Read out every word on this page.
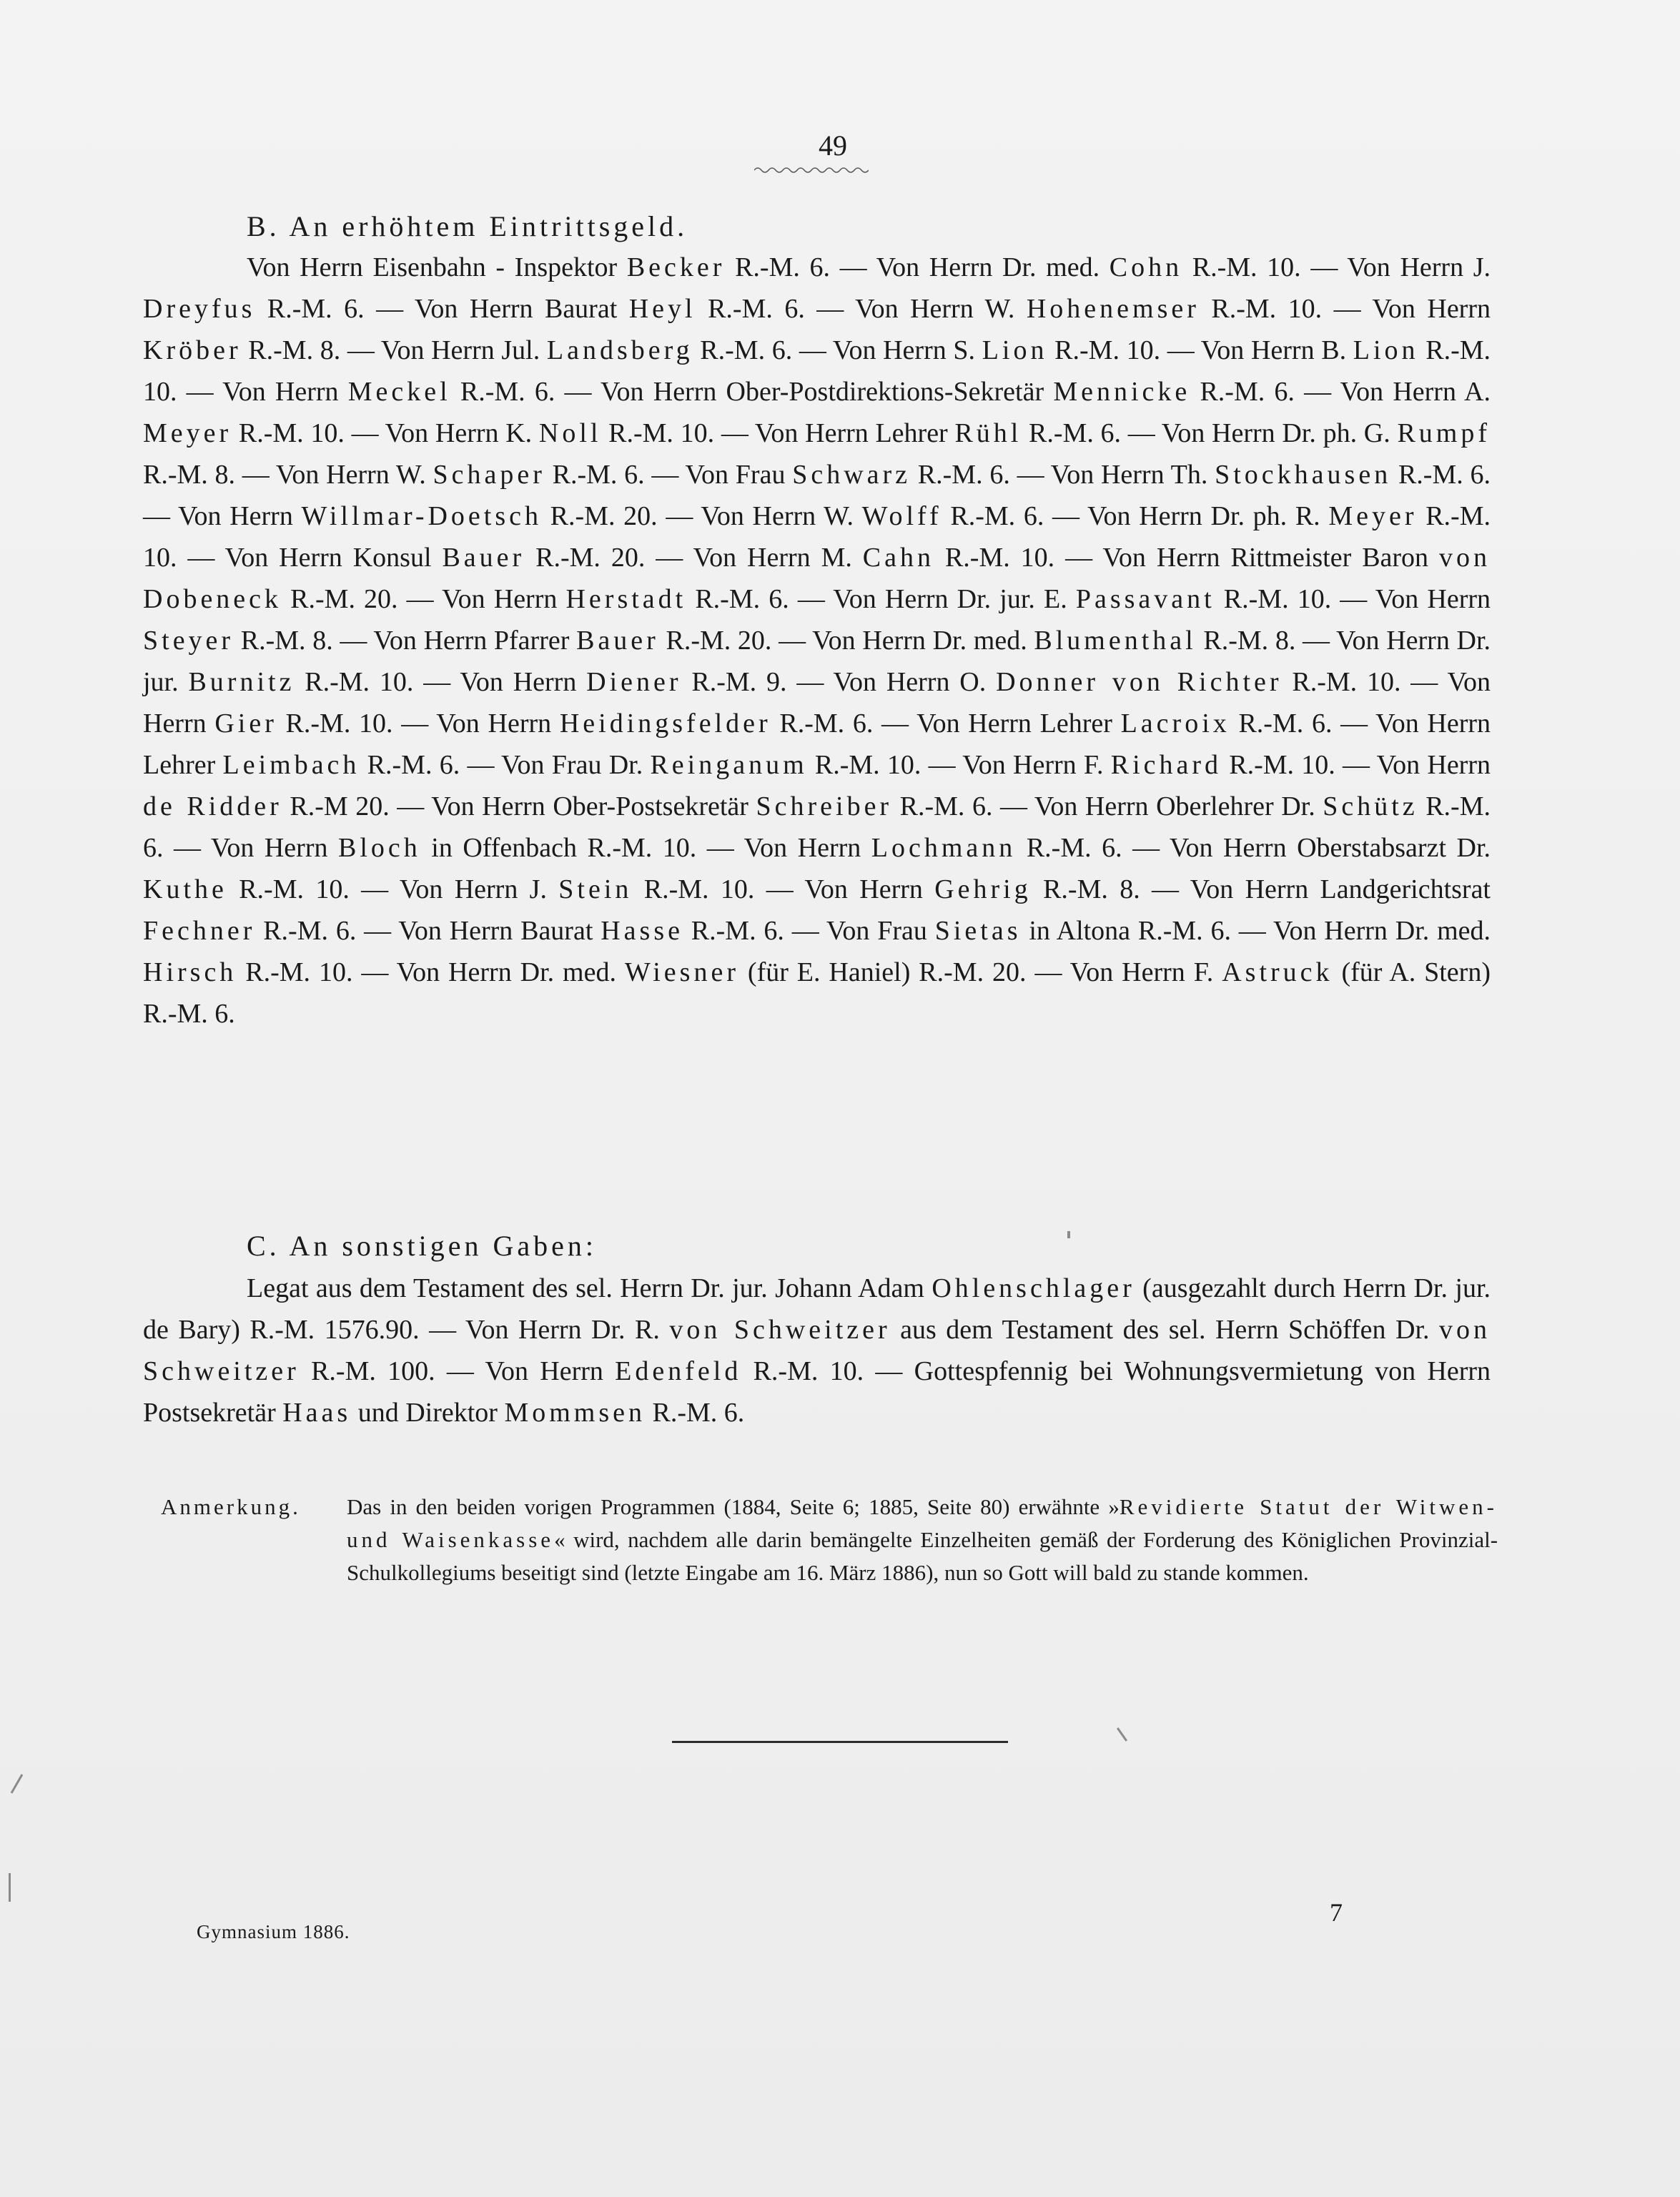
49
B. An erhöhtem Eintrittsgeld.
Von Herrn Eisenbahn - Inspektor Becker R.-M. 6. — Von Herrn Dr. med. Cohn R.-M. 10. — Von Herrn J. Dreyfus R.-M. 6. — Von Herrn Baurat Heyl R.-M. 6. — Von Herrn W. Hohenemser R.-M. 10. — Von Herrn Kröber R.-M. 8. — Von Herrn Jul. Landsberg R.-M. 6. — Von Herrn S. Lion R.-M. 10. — Von Herrn B. Lion R.-M. 10. — Von Herrn Meckel R.-M. 6. — Von Herrn Ober-Postdirektions-Sekretär Mennicke R.-M. 6. — Von Herrn A. Meyer R.-M. 10. — Von Herrn K. Noll R.-M. 10. — Von Herrn Lehrer Rühl R.-M. 6. — Von Herrn Dr. ph. G. Rumpf R.-M. 8. — Von Herrn W. Schaper R.-M. 6. — Von Frau Schwarz R.-M. 6. — Von Herrn Th. Stockhausen R.-M. 6. — Von Herrn Willmar-Doetsch R.-M. 20. — Von Herrn W. Wolff R.-M. 6. — Von Herrn Dr. ph. R. Meyer R.-M. 10. — Von Herrn Konsul Bauer R.-M. 20. — Von Herrn M. Cahn R.-M. 10. — Von Herrn Rittmeister Baron von Dobeneck R.-M. 20. — Von Herrn Herstadt R.-M. 6. — Von Herrn Dr. jur. E. Passavant R.-M. 10. — Von Herrn Steyer R.-M. 8. — Von Herrn Pfarrer Bauer R.-M. 20. — Von Herrn Dr. med. Blumenthal R.-M. 8. — Von Herrn Dr. jur. Burnitz R.-M. 10. — Von Herrn Diener R.-M. 9. — Von Herrn O. Donner von Richter R.-M. 10. — Von Herrn Gier R.-M. 10. — Von Herrn Heidingsfelder R.-M. 6. — Von Herrn Lehrer Lacroix R.-M. 6. — Von Herrn Lehrer Leimbach R.-M. 6. — Von Frau Dr. Reinganum R.-M. 10. — Von Herrn F. Richard R.-M. 10. — Von Herrn de Ridder R.-M 20. — Von Herrn Ober-Postsekretär Schreiber R.-M. 6. — Von Herrn Oberlehrer Dr. Schütz R.-M. 6. — Von Herrn Bloch in Offenbach R.-M. 10. — Von Herrn Lochmann R.-M. 6. — Von Herrn Oberstabsarzt Dr. Kuthe R.-M. 10. — Von Herrn J. Stein R.-M. 10. — Von Herrn Gehrig R.-M. 8. — Von Herrn Landgerichtsrat Fechner R.-M. 6. — Von Herrn Baurat Hasse R.-M. 6. — Von Frau Sietas in Altona R.-M. 6. — Von Herrn Dr. med. Hirsch R.-M. 10. — Von Herrn Dr. med. Wiesner (für E. Haniel) R.-M. 20. — Von Herrn F. Astruck (für A. Stern) R.-M. 6.
C. An sonstigen Gaben:
Legat aus dem Testament des sel. Herrn Dr. jur. Johann Adam Ohlenschlager (ausgezahlt durch Herrn Dr. jur. de Bary) R.-M. 1576.90. — Von Herrn Dr. R. von Schweitzer aus dem Testament des sel. Herrn Schöffen Dr. von Schweitzer R.-M. 100. — Von Herrn Edenfeld R.-M. 10. — Gottespfennig bei Wohnungsvermietung von Herrn Postsekretär Haas und Direktor Mommsen R.-M. 6.
Anmerkung. Das in den beiden vorigen Programmen (1884, Seite 6; 1885, Seite 80) erwähnte »Revidierte Statut der Witwen- und Waisenkasse« wird, nachdem alle darin bemängelte Einzelheiten gemäß der Forderung des Königlichen Provinzial-Schulkollegiums beseitigt sind (letzte Eingabe am 16. März 1886), nun so Gott will bald zu stande kommen.
Gymnasium 1886.
7
